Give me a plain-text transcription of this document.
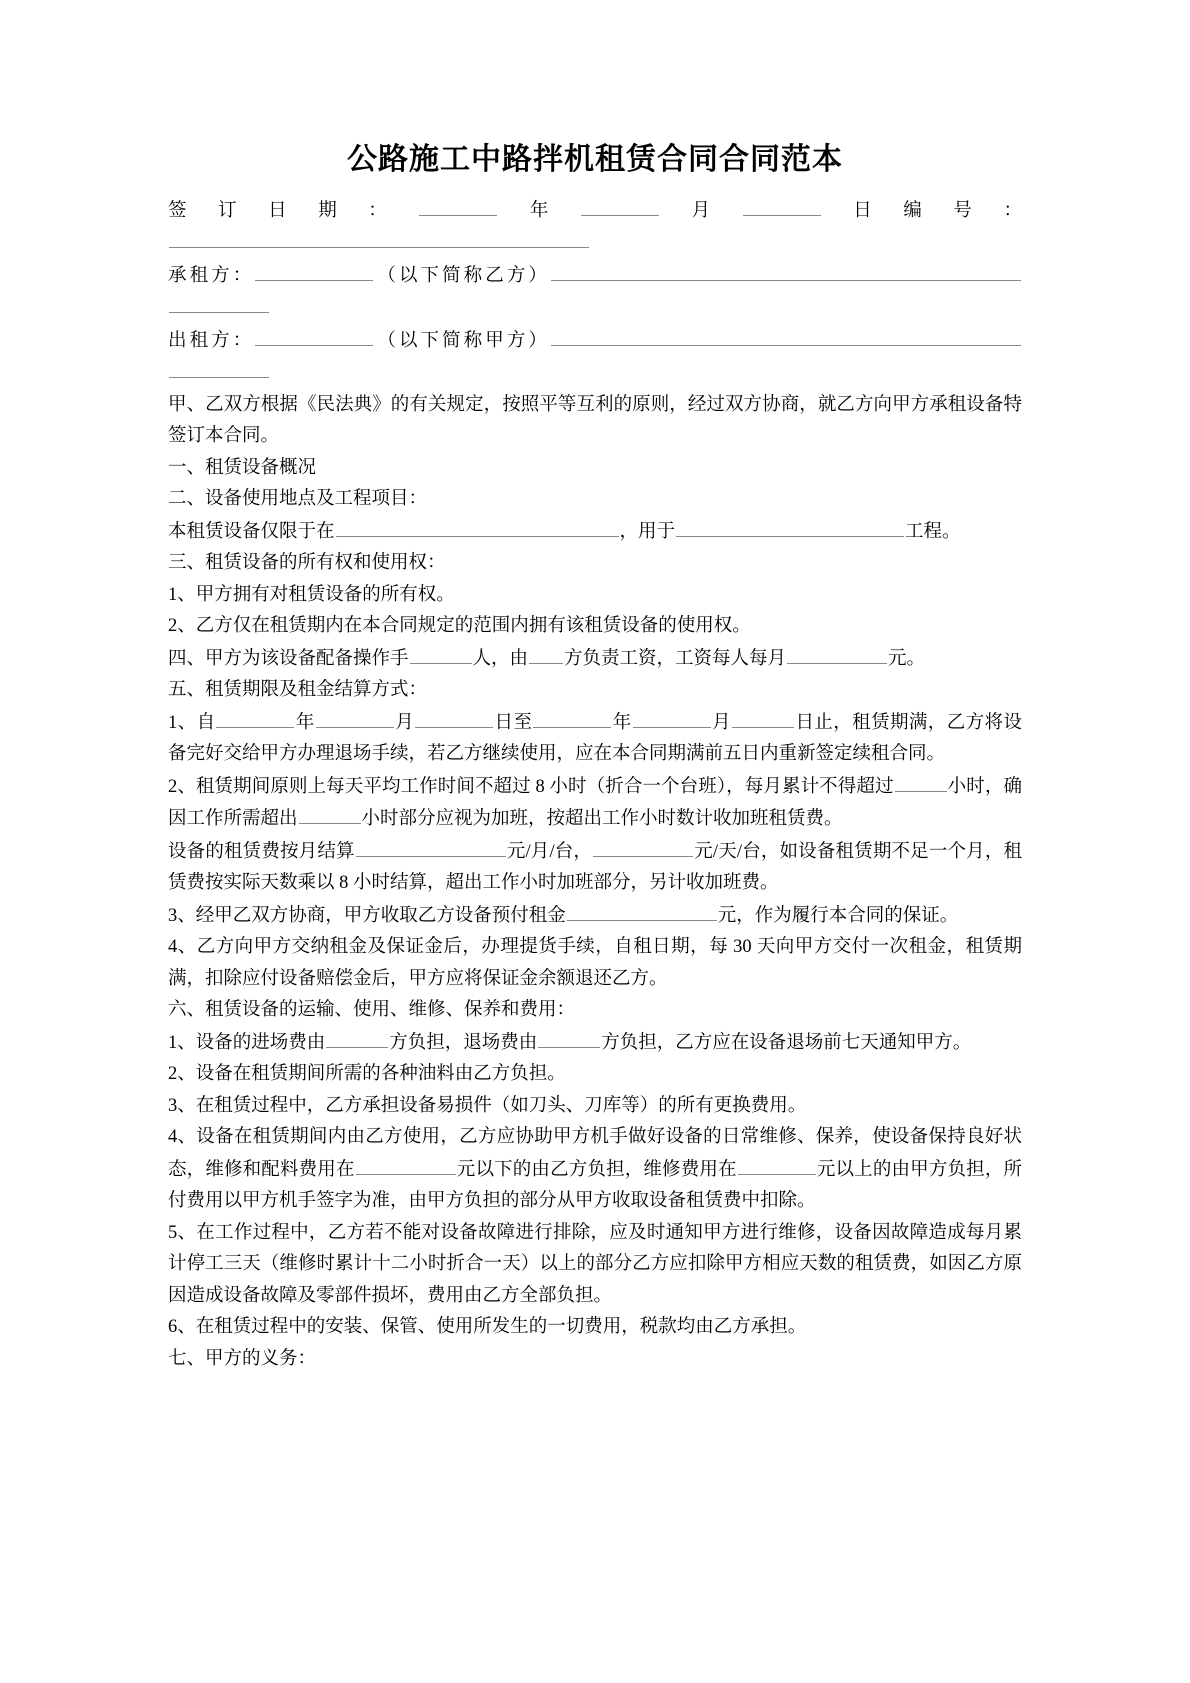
公路施工中路拌机租赁合同合同范本

签订日期：	年	月	日编号：

承租方：	（以下简称乙方）

出租方：	（以下简称甲方）

甲、乙双方根据《民法典》的有关规定，按照平等互利的原则，经过双方协商，就乙方向甲方承租设备特签订本合同。

一、租赁设备概况

二、设备使用地点及工程项目：

本租赁设备仅限于在	，用于	工程。

三、租赁设备的所有权和使用权：

1、甲方拥有对租赁设备的所有权。

2、乙方仅在租赁期内在本合同规定的范围内拥有该租赁设备的使用权。

四、甲方为该设备配备操作手	人，由 方负责工资，工资每人每月	元。

五、租赁期限及租金结算方式：

1、自	年	月	日至	年	月	日止，租赁期满，乙方将设备完好交给甲方办理退场手续，若乙方继续使用，应在本合同期满前五日内重新签定续租合同。

2、租赁期间原则上每天平均工作时间不超过 8 小时（折合一个台班），每月累计不得超过	小时，确因工作所需超出	小时部分应视为加班，按超出工作小时数计收加班租赁费。

设备的租赁费按月结算	元/月/台，	元/天/台，如设备租赁期不足一个月，租赁费按实际天数乘以 8 小时结算，超出工作小时加班部分，另计收加班费。

3、经甲乙双方协商，甲方收取乙方设备预付租金	元，作为履行本合同的保证。

4、乙方向甲方交纳租金及保证金后，办理提货手续，自租日期，每 30 天向甲方交付一次租金，租赁期满，扣除应付设备赔偿金后，甲方应将保证金余额退还乙方。

六、租赁设备的运输、使用、维修、保养和费用：

1、设备的进场费由	方负担，退场费由	方负担，乙方应在设备退场前七天通知甲方。

2、设备在租赁期间所需的各种油料由乙方负担。

3、在租赁过程中，乙方承担设备易损件（如刀头、刀库等）的所有更换费用。

4、设备在租赁期间内由乙方使用，乙方应协助甲方机手做好设备的日常维修、保养，使设备保持良好状态，维修和配料费用在	元以下的由乙方负担，维修费用在	元以上的由甲方负担，所付费用以甲方机手签字为准，由甲方负担的部分从甲方收取设备租赁费中扣除。

5、在工作过程中，乙方若不能对设备故障进行排除，应及时通知甲方进行维修，设备因故障造成每月累计停工三天（维修时累计十二小时折合一天）以上的部分乙方应扣除甲方相应天数的租赁费，如因乙方原因造成设备故障及零部件损坏，费用由乙方全部负担。

6、在租赁过程中的安装、保管、使用所发生的一切费用，税款均由乙方承担。

七、甲方的义务：
